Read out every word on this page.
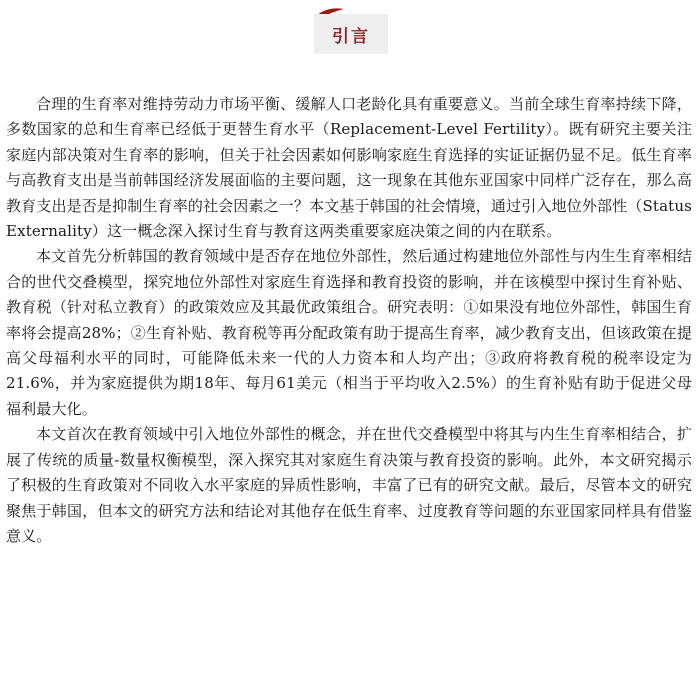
引言

合理的生育率对维持劳动力市场平衡、缓解人口老龄化具有重要意义。当前全球生育率持续下降，多数国家的总和生育率已经低于更替生育水平（Replacement-Level Fertility）。既有研究主要关注家庭内部决策对生育率的影响，但关于社会因素如何影响家庭生育选择的实证证据仍显不足。低生育率与高教育支出是当前韩国经济发展面临的主要问题，这一现象在其他东亚国家中同样广泛存在，那么高教育支出是否是抑制生育率的社会因素之一？本文基于韩国的社会情境，通过引入地位外部性（Status Externality）这一概念深入探讨生育与教育这两类重要家庭决策之间的内在联系。

本文首先分析韩国的教育领域中是否存在地位外部性，然后通过构建地位外部性与内生生育率相结合的世代交叠模型，探究地位外部性对家庭生育选择和教育投资的影响，并在该模型中探讨生育补贴、教育税（针对私立教育）的政策效应及其最优政策组合。研究表明：①如果没有地位外部性，韩国生育率将会提高28%；②生育补贴、教育税等再分配政策有助于提高生育率，减少教育支出，但该政策在提高父母福利水平的同时，可能降低未来一代的人力资本和人均产出；③政府将教育税的税率设定为21.6%，并为家庭提供为期18年、每月61美元（相当于平均收入2.5%）的生育补贴有助于促进父母福利最大化。

本文首次在教育领域中引入地位外部性的概念，并在世代交叠模型中将其与内生生育率相结合，扩展了传统的质量-数量权衡模型，深入探究其对家庭生育决策与教育投资的影响。此外，本文研究揭示了积极的生育政策对不同收入水平家庭的异质性影响，丰富了已有的研究文献。最后，尽管本文的研究聚焦于韩国，但本文的研究方法和结论对其他存在低生育率、过度教育等问题的东亚国家同样具有借鉴意义。
